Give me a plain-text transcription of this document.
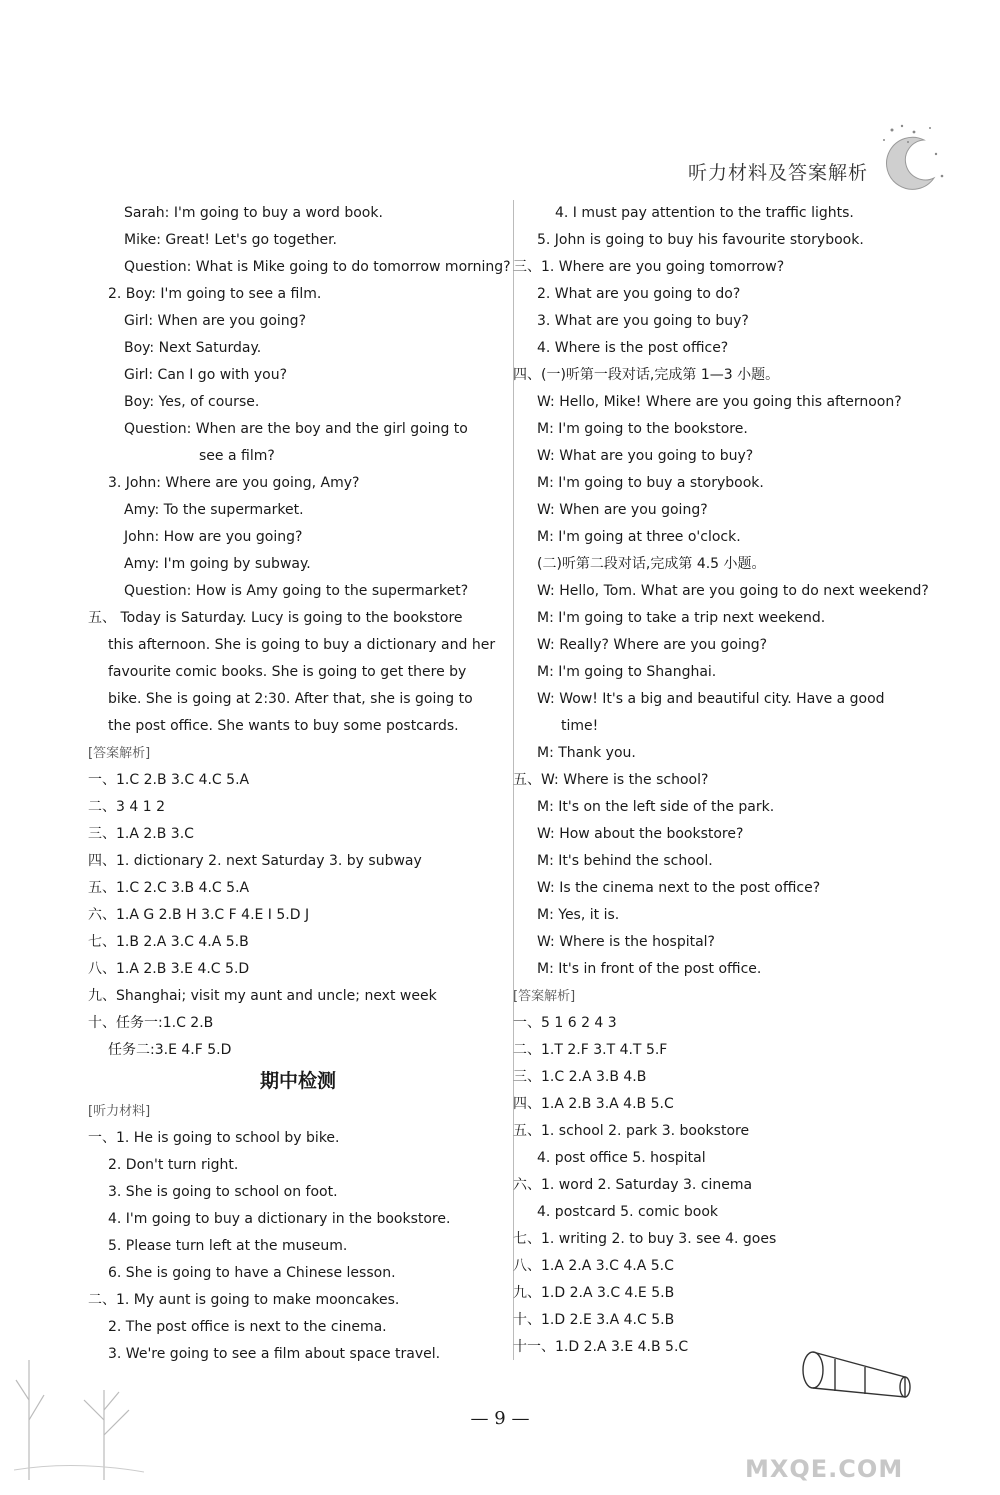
听力材料及答案解析
Sarah: I'm going to buy a word book.
Mike: Great! Let's go together.
Question: What is Mike going to do tomorrow morning?
2. Boy: I'm going to see a film.
Girl: When are you going?
Boy: Next Saturday.
Girl: Can I go with you?
Boy: Yes, of course.
Question: When are the boy and the girl going to
see a film?
3. John: Where are you going, Amy?
Amy: To the supermarket.
John: How are you going?
Amy: I'm going by subway.
Question: How is Amy going to the supermarket?
五、 Today is Saturday. Lucy is going to the bookstore
this afternoon. She is going to buy a dictionary and her
favourite comic books. She is going to get there by
bike. She is going at 2:30. After that, she is going to
the post office. She wants to buy some postcards.
[答案解析]
一、1.C 2.B 3.C 4.C 5.A
二、3 4 1 2
三、1.A 2.B 3.C
四、1. dictionary 2. next Saturday 3. by subway
五、1.C 2.C 3.B 4.C 5.A
六、1.A G 2.B H 3.C F 4.E I 5.D J
七、1.B 2.A 3.C 4.A 5.B
八、1.A 2.B 3.E 4.C 5.D
九、Shanghai; visit my aunt and uncle; next week
十、任务一:1.C 2.B
任务二:3.E 4.F 5.D
期中检测
[听力材料]
一、1. He is going to school by bike.
2. Don't turn right.
3. She is going to school on foot.
4. I'm going to buy a dictionary in the bookstore.
5. Please turn left at the museum.
6. She is going to have a Chinese lesson.
二、1. My aunt is going to make mooncakes.
2. The post office is next to the cinema.
3. We're going to see a film about space travel.
4. I must pay attention to the traffic lights.
5. John is going to buy his favourite storybook.
三、1. Where are you going tomorrow?
2. What are you going to do?
3. What are you going to buy?
4. Where is the post office?
四、(一)听第一段对话,完成第 1—3 小题。
W: Hello, Mike! Where are you going this afternoon?
M: I'm going to the bookstore.
W: What are you going to buy?
M: I'm going to buy a storybook.
W: When are you going?
M: I'm going at three o'clock.
(二)听第二段对话,完成第 4.5 小题。
W: Hello, Tom. What are you going to do next weekend?
M: I'm going to take a trip next weekend.
W: Really? Where are you going?
M: I'm going to Shanghai.
W: Wow! It's a big and beautiful city. Have a good
time!
M: Thank you.
五、W: Where is the school?
M: It's on the left side of the park.
W: How about the bookstore?
M: It's behind the school.
W: Is the cinema next to the post office?
M: Yes, it is.
W: Where is the hospital?
M: It's in front of the post office.
[答案解析]
一、5 1 6 2 4 3
二、1.T 2.F 3.T 4.T 5.F
三、1.C 2.A 3.B 4.B
四、1.A 2.B 3.A 4.B 5.C
五、1. school 2. park 3. bookstore
4. post office 5. hospital
六、1. word 2. Saturday 3. cinema
4. postcard 5. comic book
七、1. writing 2. to buy 3. see 4. goes
八、1.A 2.A 3.C 4.A 5.C
九、1.D 2.A 3.C 4.E 5.B
十、1.D 2.E 3.A 4.C 5.B
十一、1.D 2.A 3.E 4.B 5.C
— 9 —
MXQE.COM
